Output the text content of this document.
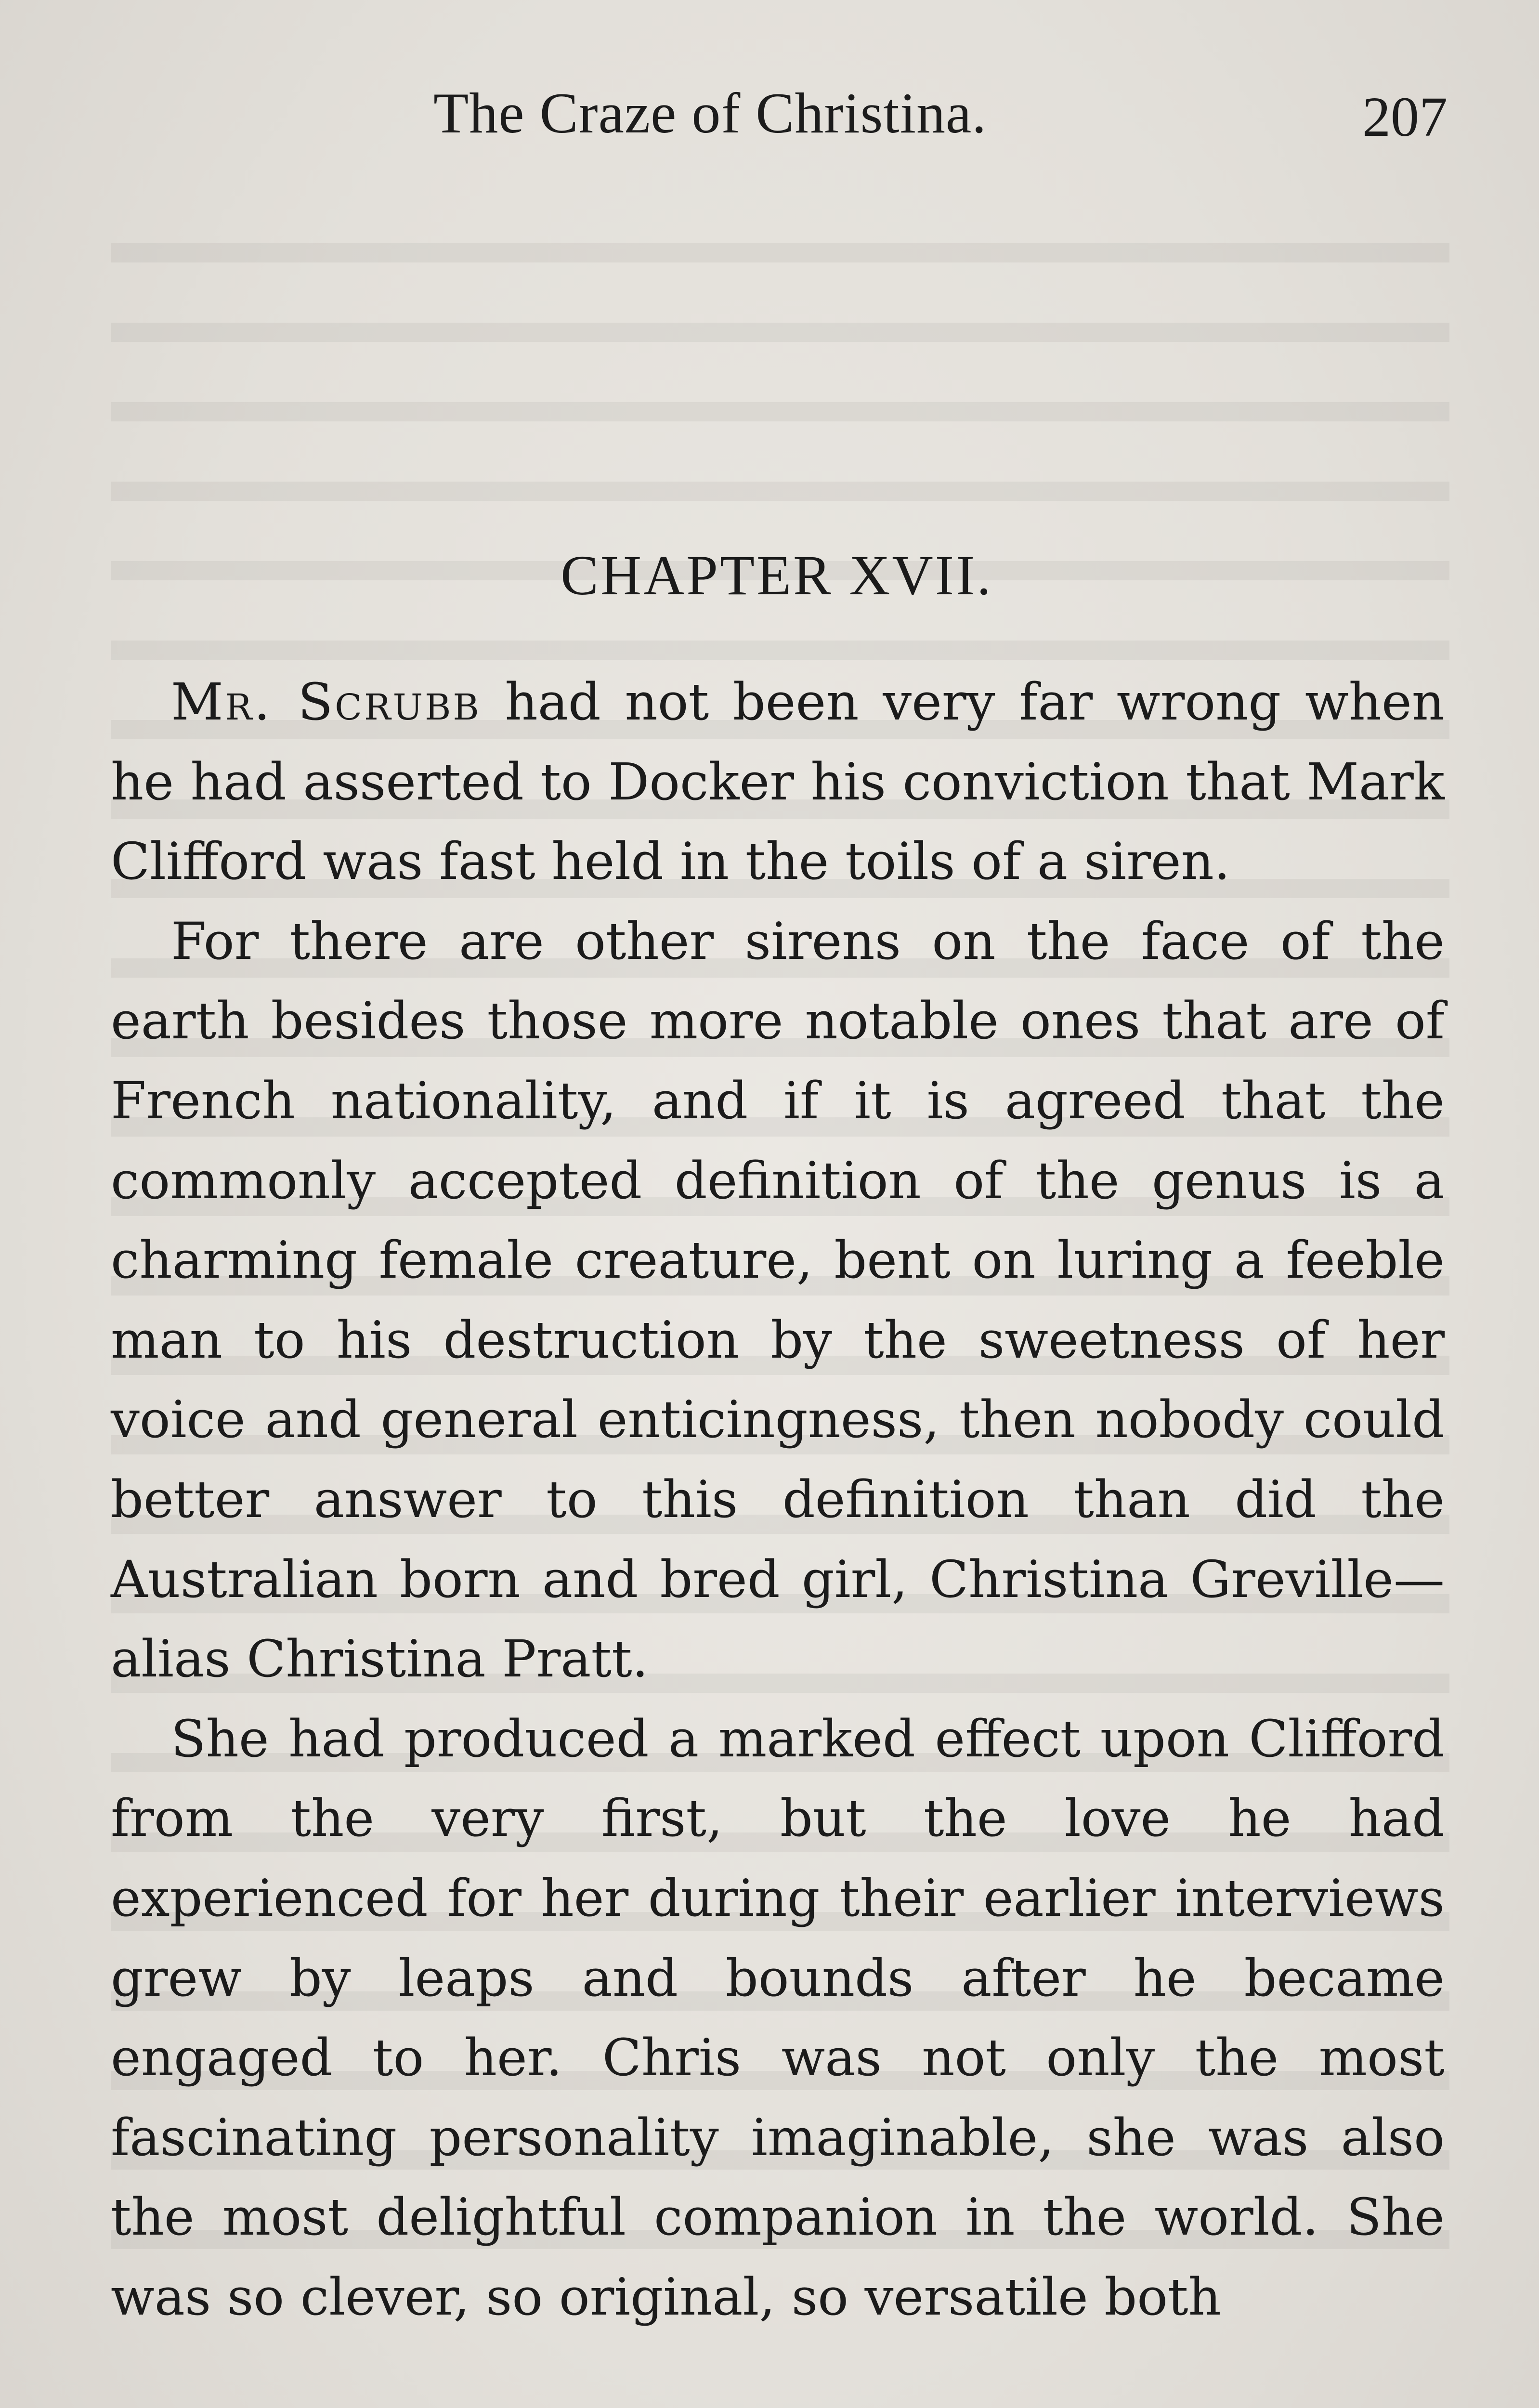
The Craze of Christina.	207
CHAPTER XVII.

Mr. Scrubb had not been very far wrong when he had asserted to Docker his conviction that Mark Clifford was fast held in the toils of a siren.

For there are other sirens on the face of the earth besides those more notable ones that are of French nationality, and if it is agreed that the commonly accepted definition of the genus is a charming female creature, bent on luring a feeble man to his destruction by the sweetness of her voice and general enticingness, then nobody could better answer to this definition than did the Australian born and bred girl, Christina Greville—alias Christina Pratt.

She had produced a marked effect upon Clifford from the very first, but the love he had experienced for her during their earlier interviews grew by leaps and bounds after he became engaged to her. Chris was not only the most fascinating personality imaginable, she was also the most delightful companion in the world. She was so clever, so original, so versatile both
